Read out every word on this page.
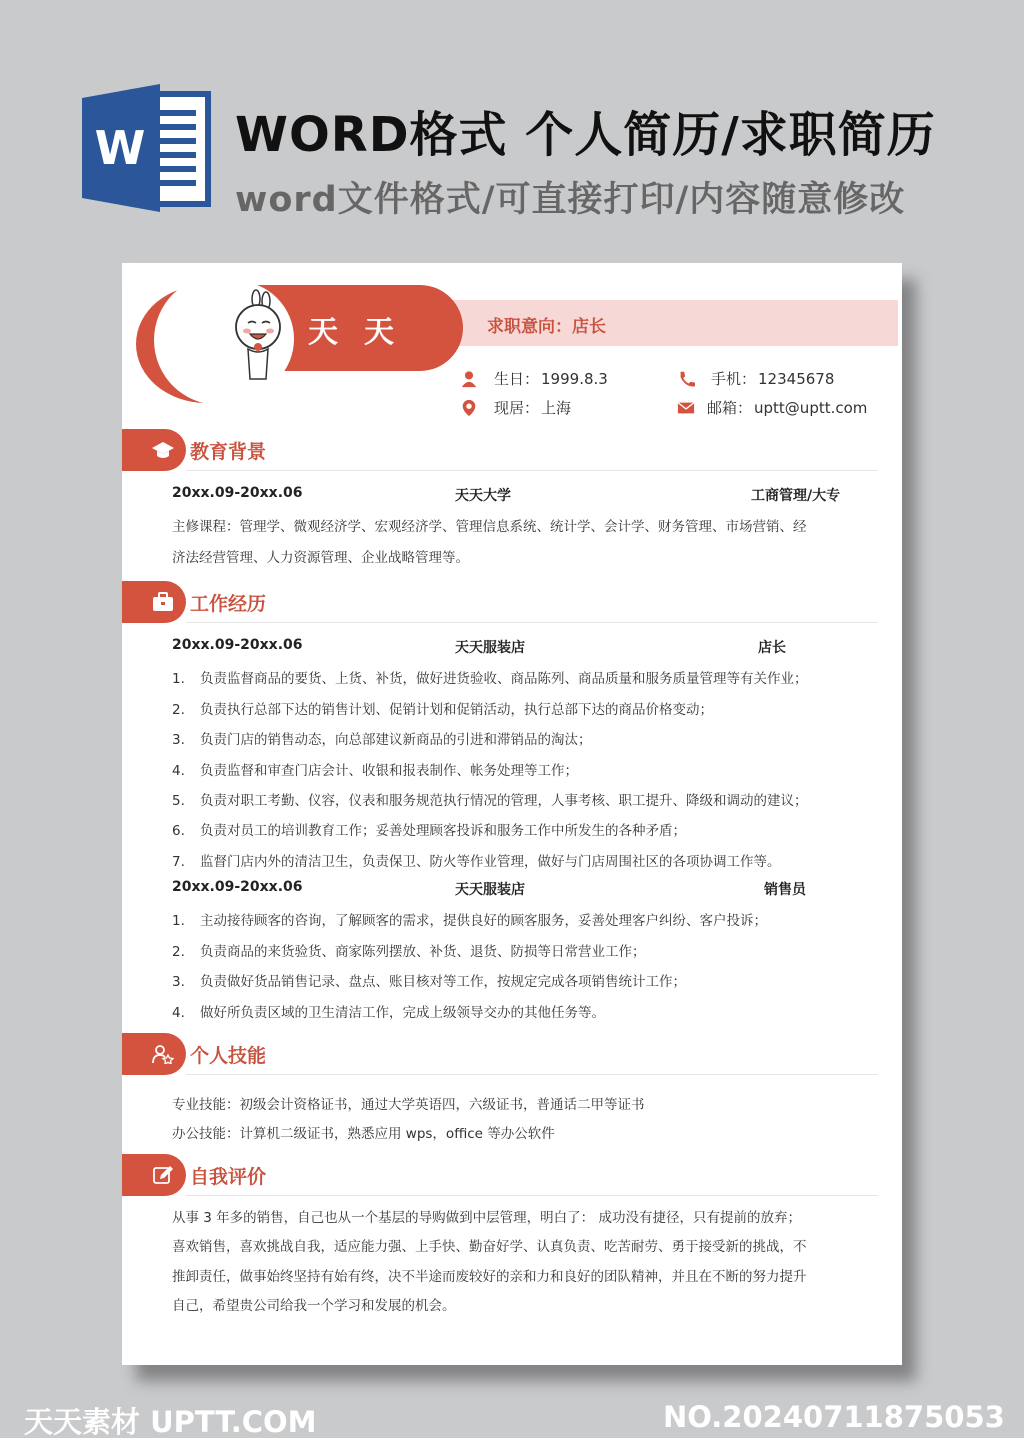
W WORD格式 个人简历/求职简历
word文件格式/可直接打印/内容随意修改
求职意向：店长
天天
生日： 1999.8.3	手机： 12345678
现居： 上海	邮箱： uptt@uptt.com
教育背景
20xx.09-20xx.06	天天大学	工商管理/大专
主修课程：管理学、微观经济学、宏观经济学、管理信息系统、统计学、会计学、财务管理、市场营销、经
济法经营管理、人力资源管理、企业战略管理等。
工作经历
20xx.09-20xx.06	天天服装店	店长
1. 负责监督商品的要货、上货、补货，做好进货验收、商品陈列、商品质量和服务质量管理等有关作业；
2. 负责执行总部下达的销售计划、促销计划和促销活动，执行总部下达的商品价格变动；
3. 负责门店的销售动态，向总部建议新商品的引进和滞销品的淘汰；
4. 负责监督和审查门店会计、收银和报表制作、帐务处理等工作；
5. 负责对职工考勤、仪容，仪表和服务规范执行情况的管理，人事考核、职工提升、降级和调动的建议；
6. 负责对员工的培训教育工作；妥善处理顾客投诉和服务工作中所发生的各种矛盾；
7. 监督门店内外的清洁卫生，负责保卫、防火等作业管理，做好与门店周围社区的各项协调工作等。
20xx.09-20xx.06	天天服装店	销售员
1. 主动接待顾客的咨询，了解顾客的需求，提供良好的顾客服务，妥善处理客户纠纷、客户投诉；
2. 负责商品的来货验货、商家陈列摆放、补货、退货、防损等日常营业工作；
3. 负责做好货品销售记录、盘点、账目核对等工作，按规定完成各项销售统计工作；
4. 做好所负责区域的卫生清洁工作，完成上级领导交办的其他任务等。
个人技能
专业技能：初级会计资格证书，通过大学英语四，六级证书，普通话二甲等证书
办公技能：计算机二级证书，熟悉应用 wps，office 等办公软件
自我评价
从事 3 年多的销售，自己也从一个基层的导购做到中层管理，明白了： 成功没有捷径，只有提前的放弃；
喜欢销售，喜欢挑战自我，适应能力强、上手快、勤奋好学、认真负责、吃苦耐劳、勇于接受新的挑战，不
推卸责任，做事始终坚持有始有终，决不半途而废较好的亲和力和良好的团队精神，并且在不断的努力提升
自己，希望贵公司给我一个学习和发展的机会。
天天素材 UPTT.COM	NO.20240711875053
